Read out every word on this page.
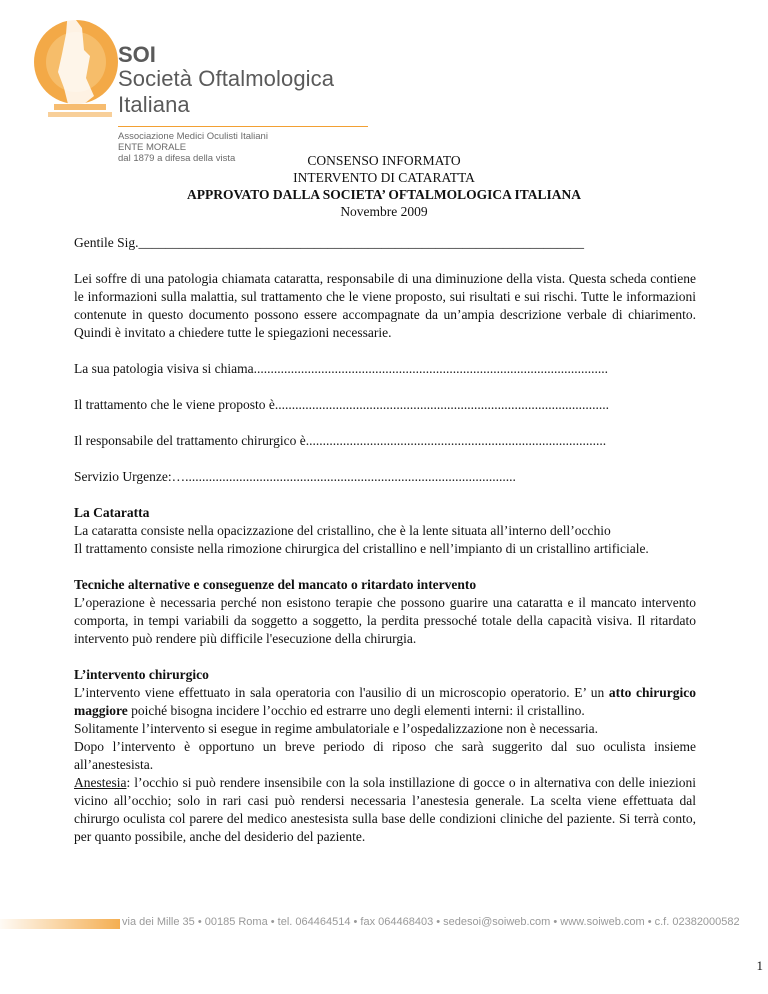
SOI
Società Oftalmologica Italiana
Associazione Medici Oculisti Italiani
ENTE MORALE
dal 1879 a difesa della vista	CONSENSO INFORMATO
INTERVENTO DI CATARATTA
APPROVATO DALLA SOCIETA’ OFTALMOLOGICA ITALIANA
Novembre 2009

Gentile Sig.__________________________________________________________________

Lei soffre di una patologia chiamata cataratta, responsabile di una diminuzione della vista. Questa scheda contiene le informazioni sulla malattia, sul trattamento che le viene proposto, sui risultati e sui rischi. Tutte le informazioni contenute in questo documento possono essere accompagnate da un’ampia descrizione verbale di chiarimento. Quindi è invitato a chiedere tutte le spiegazioni necessarie.

La sua patologia visiva si chiama.........................................................................................................

Il trattamento che le viene proposto è...................................................................................................

Il responsabile del trattamento chirurgico è.........................................................................................

Servizio Urgenze:…..................................................................................................

La Cataratta

La cataratta consiste nella opacizzazione del cristallino, che è la lente situata all’interno dell’occhio

Il trattamento consiste nella rimozione chirurgica del cristallino e nell’impianto di un cristallino artificiale.

Tecniche alternative e conseguenze del mancato o ritardato intervento

L’operazione è necessaria perché non esistono terapie che possono guarire una cataratta e il mancato intervento comporta, in tempi variabili da soggetto a soggetto, la perdita pressoché totale della capacità visiva. Il ritardato intervento può rendere più difficile l'esecuzione della chirurgia.

L’intervento chirurgico

L’intervento viene effettuato in sala operatoria con l'ausilio di un microscopio operatorio. E’ un atto chirurgico maggiore poiché bisogna incidere l’occhio ed estrarre uno degli elementi interni: il cristallino.

Solitamente l’intervento si esegue in regime ambulatoriale e l’ospedalizzazione non è necessaria.

Dopo l’intervento è opportuno un breve periodo di riposo che sarà suggerito dal suo oculista insieme all’anestesista.

Anestesia: l’occhio si può rendere insensibile con la sola instillazione di gocce o in alternativa con delle iniezioni vicino all’occhio; solo in rari casi può rendersi necessaria l’anestesia generale. La scelta viene effettuata dal chirurgo oculista col parere del medico anestesista sulla base delle condizioni cliniche del paziente. Si terrà conto, per quanto possibile, anche del desiderio del paziente.

via dei Mille 35 • 00185 Roma • tel. 064464514 • fax 064468403 • sedesoi@soiweb.com • www.soiweb.com • c.f. 02382000582
1
